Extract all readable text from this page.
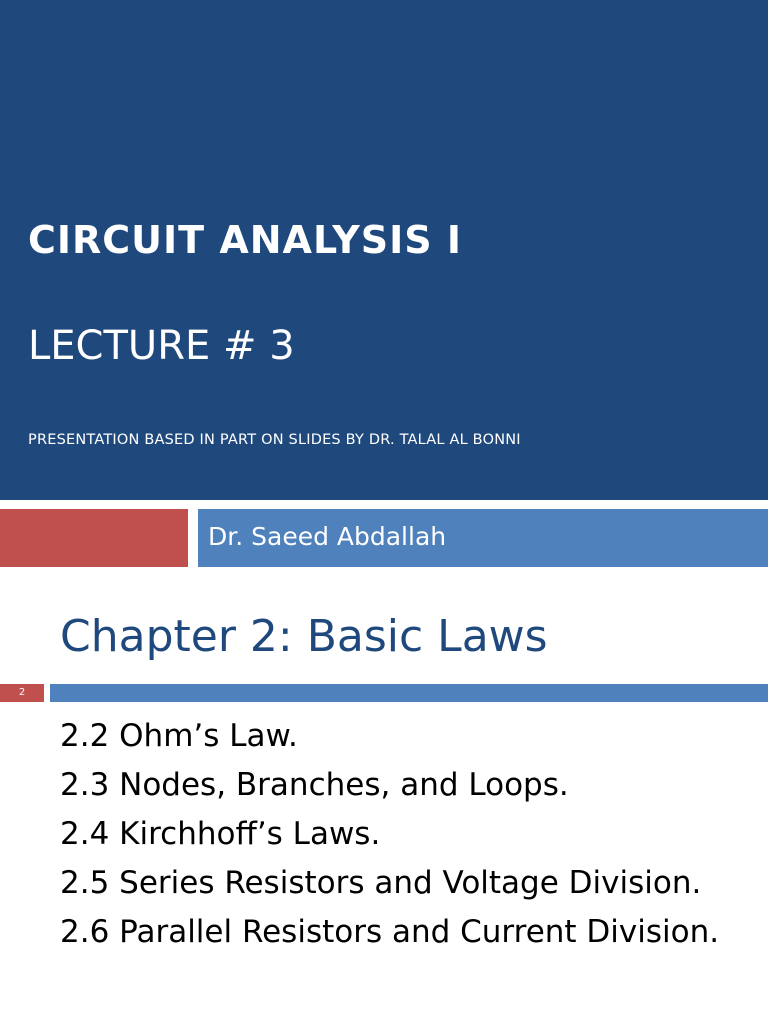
CIRCUIT ANALYSIS I
LECTURE # 3
PRESENTATION BASED IN PART ON SLIDES BY DR. TALAL AL BONNI
Dr. Saeed Abdallah
Chapter 2: Basic Laws
2
2.2 Ohm’s Law.
2.3 Nodes, Branches, and Loops.
2.4 Kirchhoff’s Laws.
2.5 Series Resistors and Voltage Division.
2.6 Parallel Resistors and Current Division.
